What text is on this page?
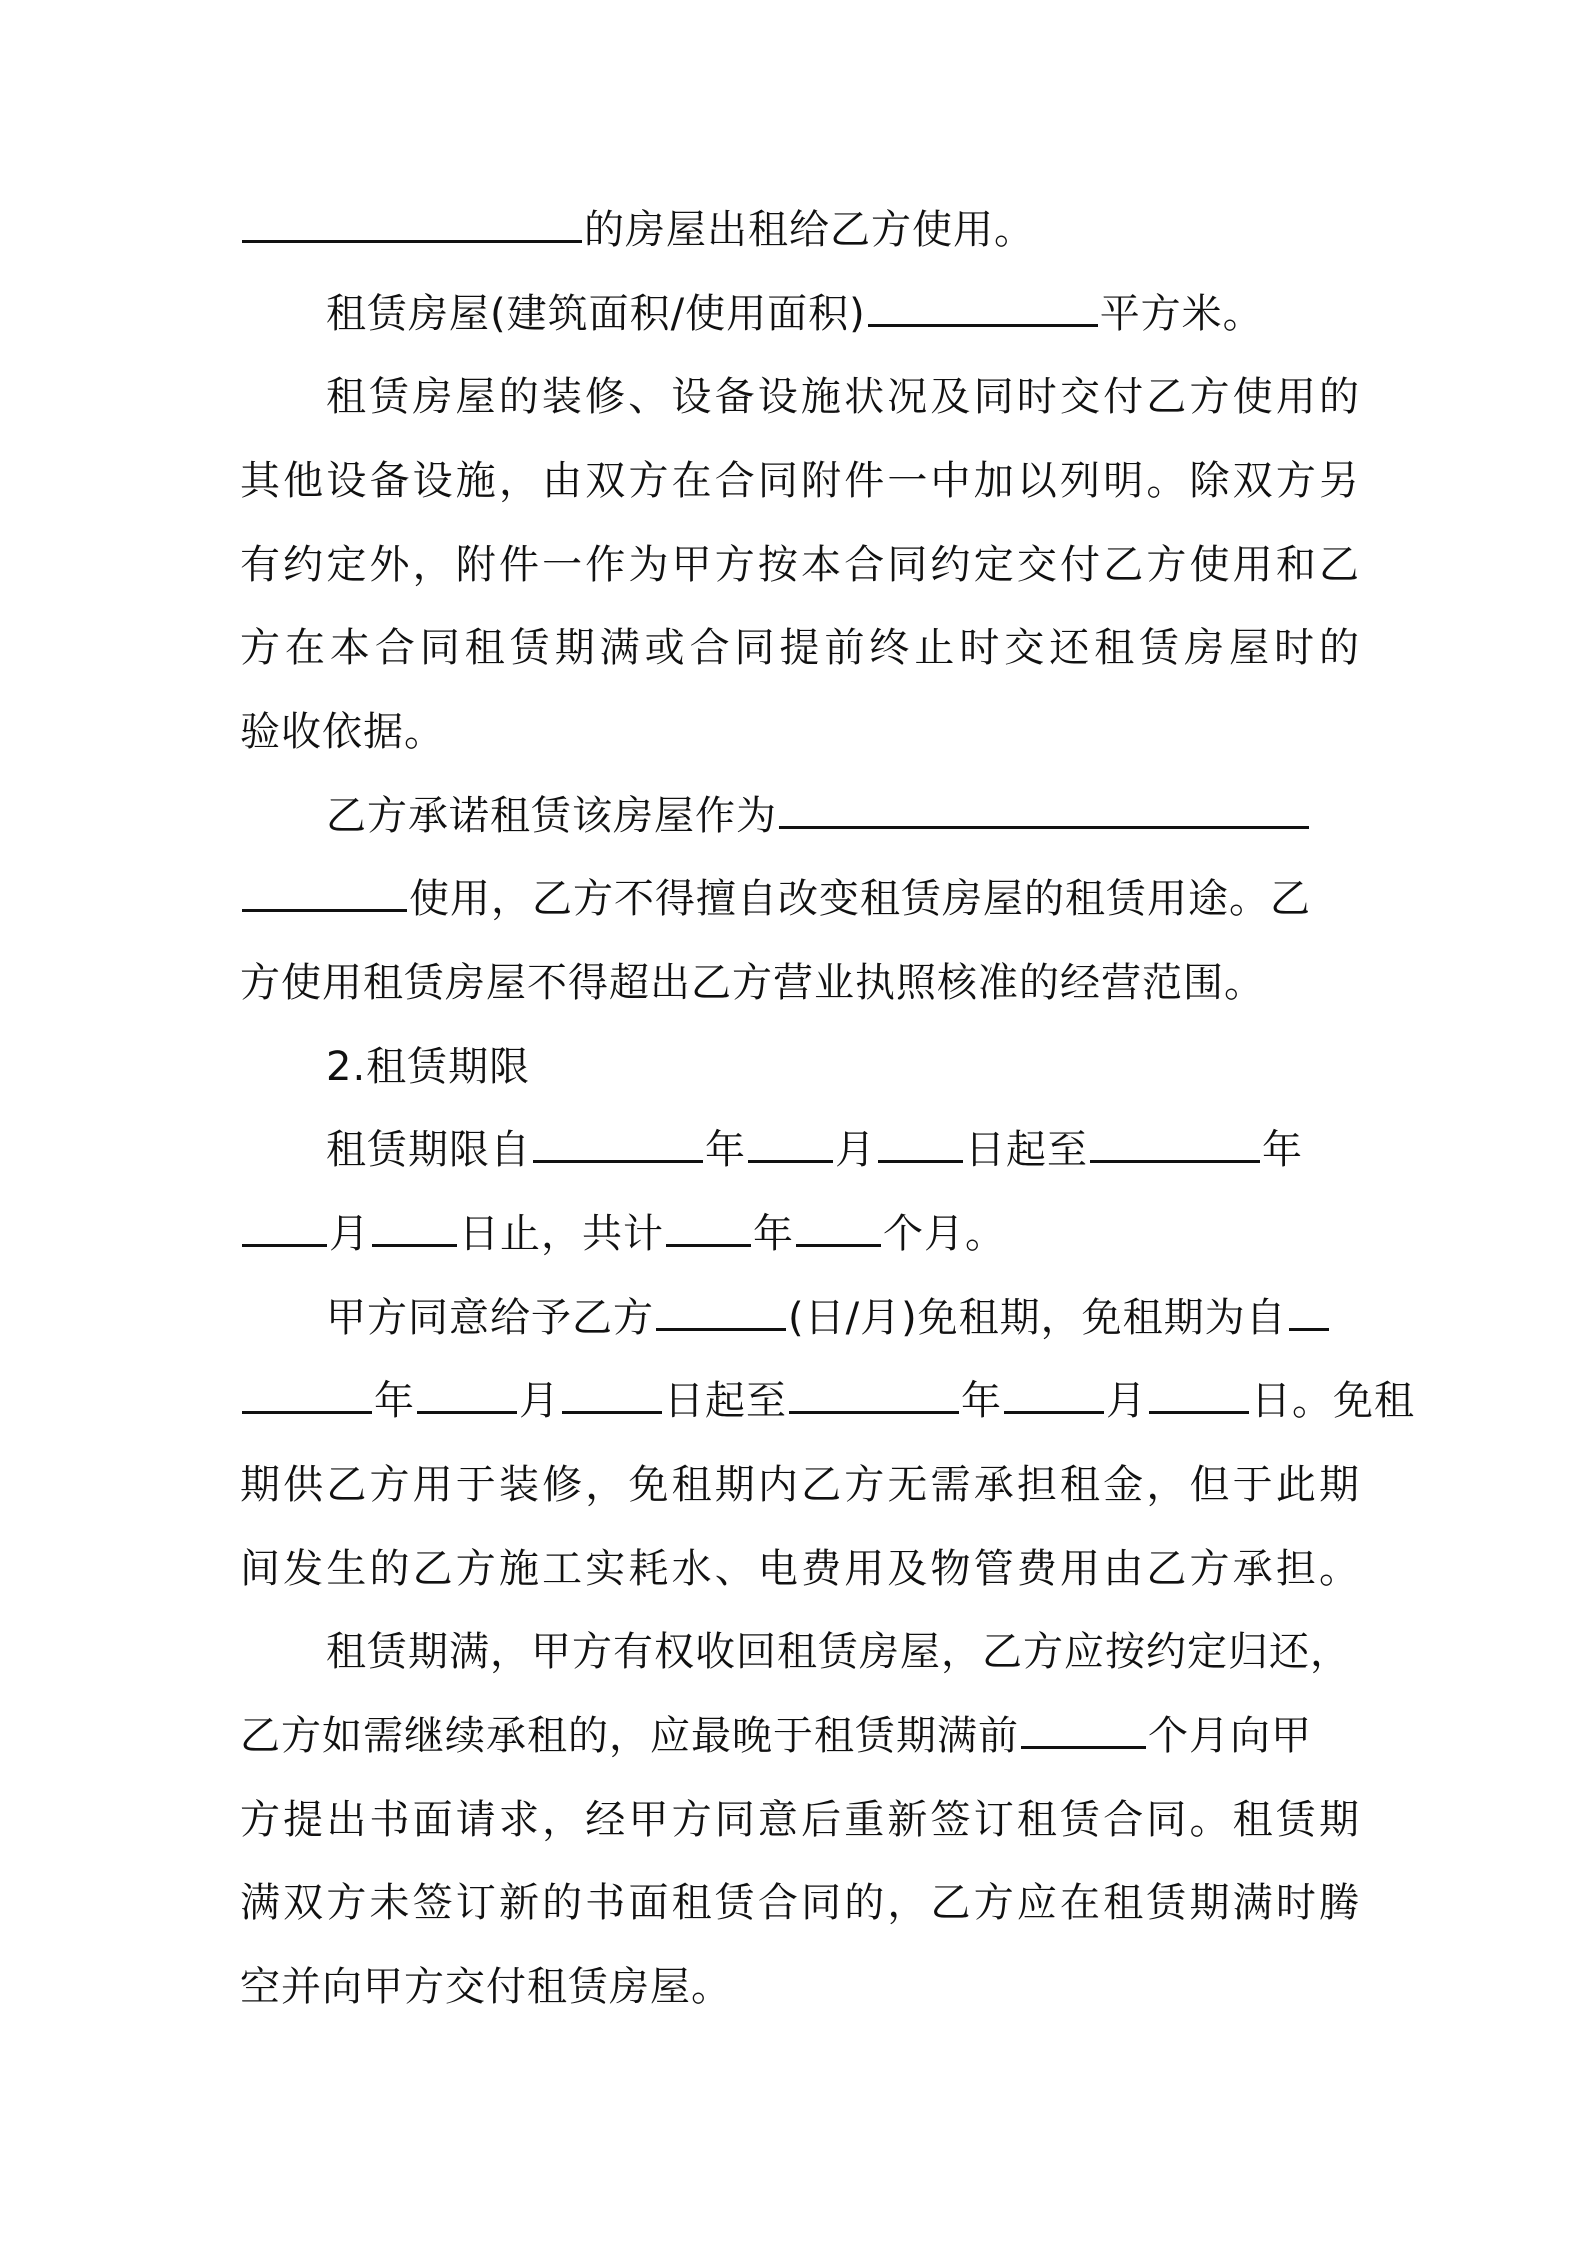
的房屋出租给乙方使用。
租赁房屋(建筑面积/使用面积)	平方米。
租赁房屋的装修、设备设施状况及同时交付乙方使用的
其他设备设施，由双方在合同附件一中加以列明。除双方另
有约定外，附件一作为甲方按本合同约定交付乙方使用和乙
方在本合同租赁期满或合同提前终止时交还租赁房屋时的
验收依据。
乙方承诺租赁该房屋作为
使用，乙方不得擅自改变租赁房屋的租赁用途。乙
方使用租赁房屋不得超出乙方营业执照核准的经营范围。
2.租赁期限
租赁期限自	年 月 日起至	年
月 日止，共计 年 个月。
甲方同意给予乙方	(日/月)免租期，免租期为自
年	月	日起至	年	月	日。免租
期供乙方用于装修，免租期内乙方无需承担租金，但于此期
间发生的乙方施工实耗水、电费用及物管费用由乙方承担。
租赁期满，甲方有权收回租赁房屋，乙方应按约定归还，
乙方如需继续承租的，应最晚于租赁期满前	个月向甲
方提出书面请求，经甲方同意后重新签订租赁合同。租赁期
满双方未签订新的书面租赁合同的，乙方应在租赁期满时腾
空并向甲方交付租赁房屋。
